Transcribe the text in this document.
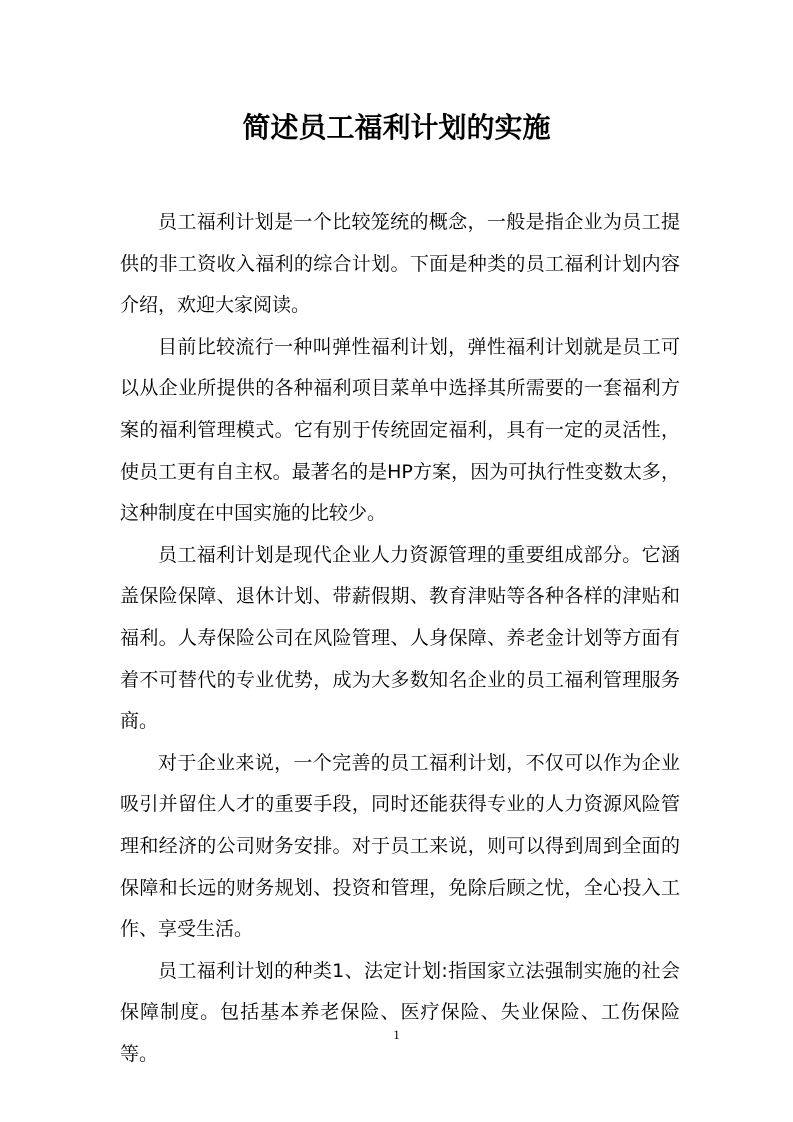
简述员工福利计划的实施

员工福利计划是一个比较笼统的概念，一般是指企业为员工提供的非工资收入福利的综合计划。下面是种类的员工福利计划内容介绍，欢迎大家阅读。

目前比较流行一种叫弹性福利计划，弹性福利计划就是员工可以从企业所提供的各种福利项目菜单中选择其所需要的一套福利方案的福利管理模式。它有别于传统固定福利，具有一定的灵活性，使员工更有自主权。最著名的是HP方案，因为可执行性变数太多，这种制度在中国实施的比较少。

员工福利计划是现代企业人力资源管理的重要组成部分。它涵盖保险保障、退休计划、带薪假期、教育津贴等各种各样的津贴和福利。人寿保险公司在风险管理、人身保障、养老金计划等方面有着不可替代的专业优势，成为大多数知名企业的员工福利管理服务商。

对于企业来说，一个完善的员工福利计划，不仅可以作为企业吸引并留住人才的重要手段，同时还能获得专业的人力资源风险管理和经济的公司财务安排。对于员工来说，则可以得到周到全面的保障和长远的财务规划、投资和管理，免除后顾之忧，全心投入工作、享受生活。

员工福利计划的种类1、法定计划:指国家立法强制实施的社会保障制度。包括基本养老保险、医疗保险、失业保险、工伤保险等。

1
